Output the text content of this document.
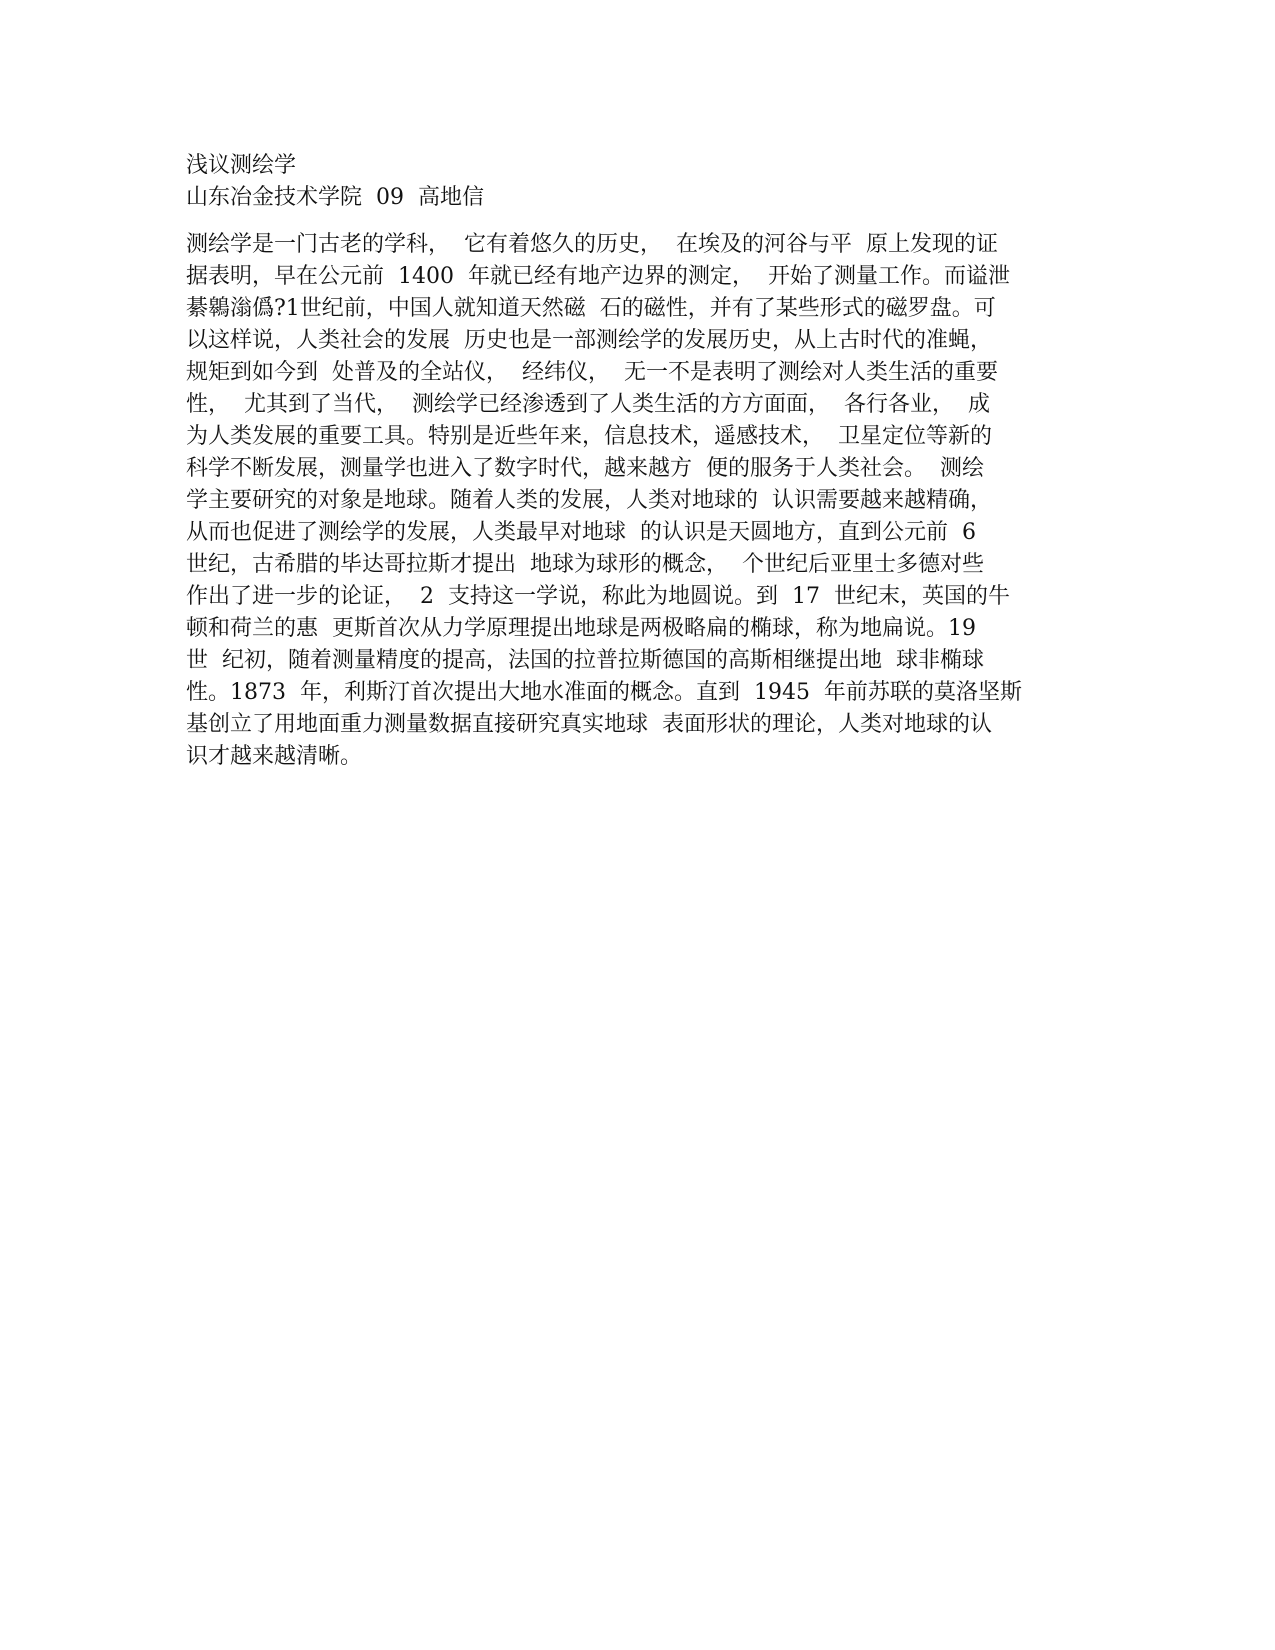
浅议测绘学
山东冶金技术学院  09  高地信
测绘学是一门古老的学科，  它有着悠久的历史，  在埃及的河谷与平  原上发现的证
据表明，早在公元前  1400  年就已经有地产边界的测定，  开始了测量工作。而谥泄
綦鷎滃僞?1世纪前，中国人就知道天然磁  石的磁性，并有了某些形式的磁罗盘。可
以这样说，人类社会的发展  历史也是一部测绘学的发展历史，从上古时代的准蝇，
规矩到如今到  处普及的全站仪，  经纬仪，  无一不是表明了测绘对人类生活的重要
性，  尤其到了当代，  测绘学已经渗透到了人类生活的方方面面，  各行各业，  成
为人类发展的重要工具。特别是近些年来，信息技术，遥感技术，  卫星定位等新的
科学不断发展，测量学也进入了数字时代，越来越方  便的服务于人类社会。  测绘
学主要研究的对象是地球。随着人类的发展，人类对地球的  认识需要越来越精确，
从而也促进了测绘学的发展，人类最早对地球  的认识是天圆地方，直到公元前  6
世纪，古希腊的毕达哥拉斯才提出  地球为球形的概念，  个世纪后亚里士多德对些
作出了进一步的论证，  2  支持这一学说，称此为地圆说。到  17  世纪末，英国的牛
顿和荷兰的惠  更斯首次从力学原理提出地球是两极略扁的椭球，称为地扁说。19
世  纪初，随着测量精度的提高，法国的拉普拉斯德国的高斯相继提出地  球非椭球
性。1873  年，利斯汀首次提出大地水准面的概念。直到  1945  年前苏联的莫洛坚斯
基创立了用地面重力测量数据直接研究真实地球  表面形状的理论，人类对地球的认
识才越来越清晰。
